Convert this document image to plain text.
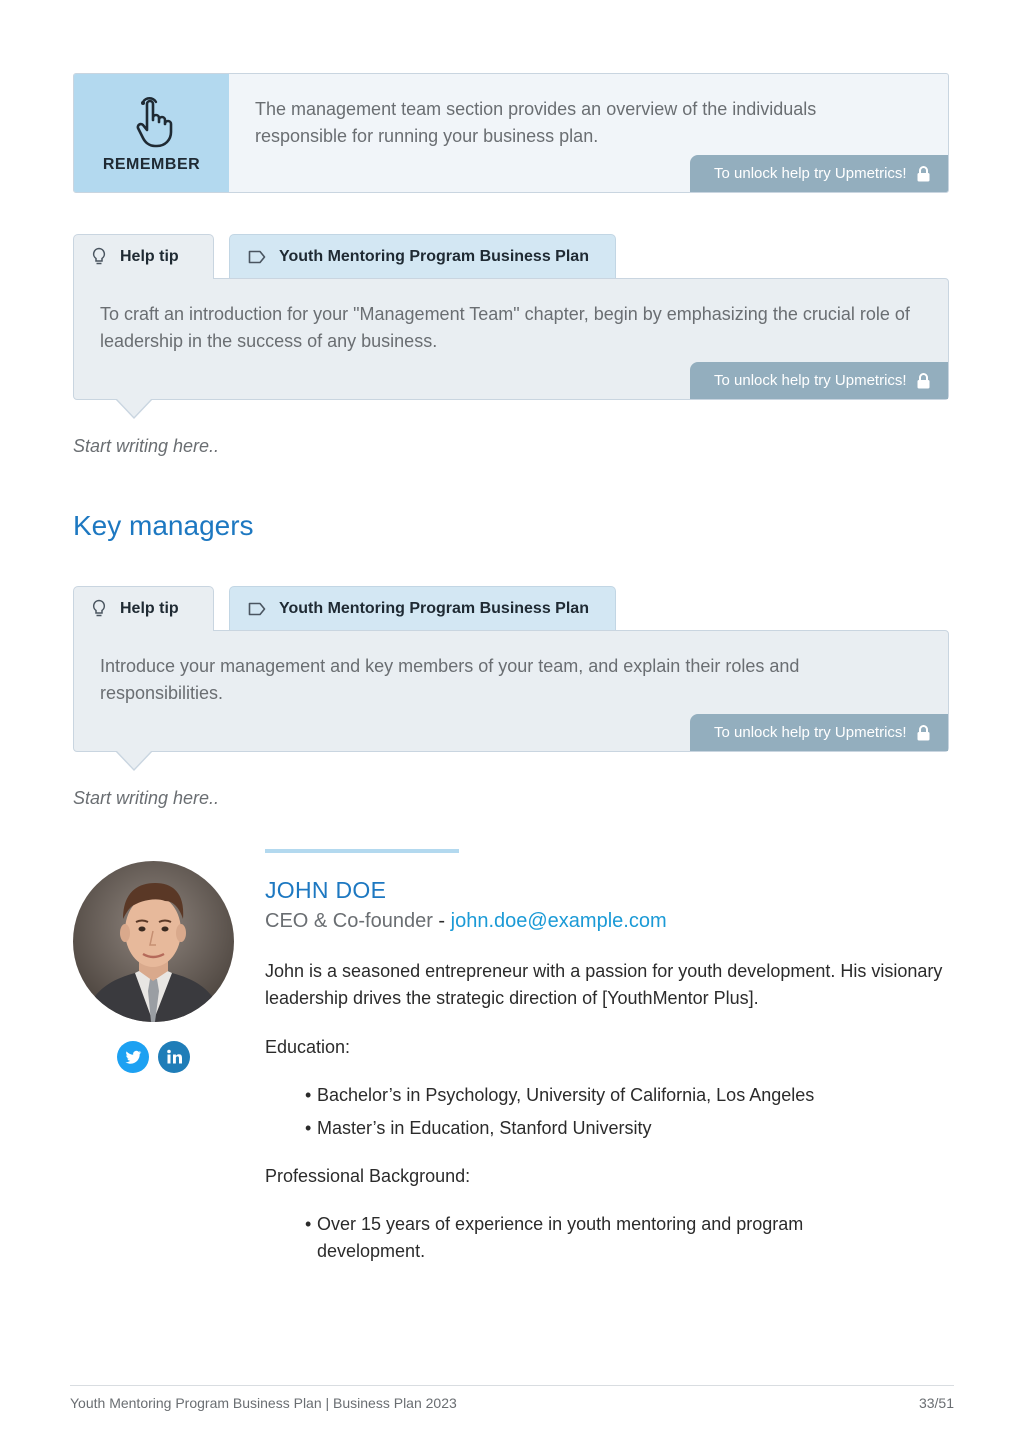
REMEMBER
The management team section provides an overview of the individuals responsible for running your business plan.
To unlock help try Upmetrics!
Help tip	Youth Mentoring Program Business Plan
To craft an introduction for your "Management Team" chapter, begin by emphasizing the crucial role of leadership in the success of any business.
To unlock help try Upmetrics!
Start writing here..
Key managers
Help tip	Youth Mentoring Program Business Plan
Introduce your management and key members of your team, and explain their roles and responsibilities.
To unlock help try Upmetrics!
Start writing here..
JOHN DOE
CEO & Co-founder - john.doe@example.com
John is a seasoned entrepreneur with a passion for youth development. His visionary leadership drives the strategic direction of [YouthMentor Plus].
Education:
• Bachelor’s in Psychology, University of California, Los Angeles
• Master’s in Education, Stanford University
Professional Background:
• Over 15 years of experience in youth mentoring and program development.
Youth Mentoring Program Business Plan | Business Plan 2023	33/51
